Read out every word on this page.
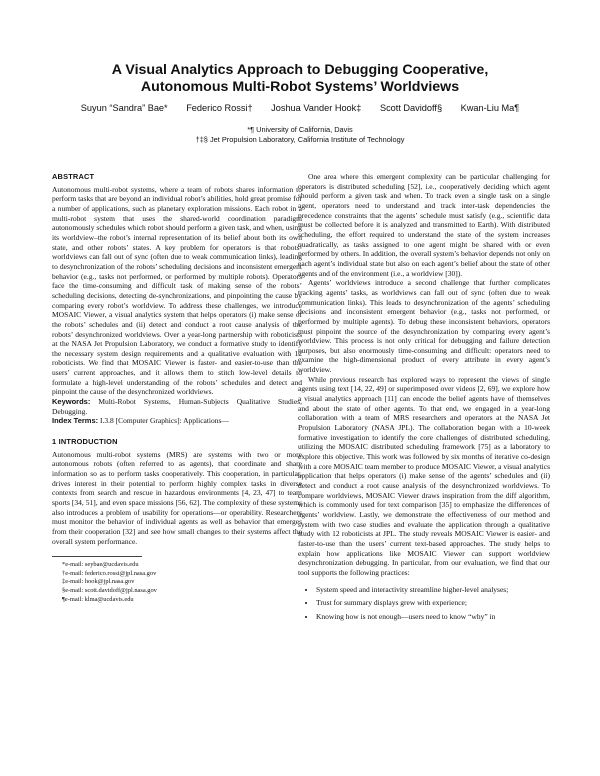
A Visual Analytics Approach to Debugging Cooperative,
Autonomous Multi-Robot Systems’ Worldviews
Suyun “Sandra” Bae* Federico Rossi† Joshua Vander Hook‡ Scott Davidoff§ Kwan-Liu Ma¶
*¶ University of California, Davis
†‡§ Jet Propulsion Laboratory, California Institute of Technology
ABSTRACT

Autonomous multi-robot systems, where a team of robots shares information to perform tasks that are beyond an individual robot’s abilities, hold great promise for a number of applications, such as planetary exploration missions. Each robot in a multi-robot system that uses the shared-world coordination paradigm autonomously schedules which robot should perform a given task, and when, using its worldview–the robot’s internal representation of its belief about both its own state, and other robots’ states. A key problem for operators is that robots’ worldviews can fall out of sync (often due to weak communication links), leading to desynchronization of the robots’ scheduling decisions and inconsistent emergent behavior (e.g., tasks not performed, or performed by multiple robots). Operators face the time-consuming and difficult task of making sense of the robots’ scheduling decisions, detecting de-synchronizations, and pinpointing the cause by comparing every robot’s worldview. To address these challenges, we introduce MOSAIC Viewer, a visual analytics system that helps operators (i) make sense of the robots’ schedules and (ii) detect and conduct a root cause analysis of the robots’ desynchronized worldviews. Over a year-long partnership with roboticists at the NASA Jet Propulsion Laboratory, we conduct a formative study to identify the necessary system design requirements and a qualitative evaluation with 12 roboticists. We find that MOSAIC Viewer is faster- and easier-to-use than the users’ current approaches, and it allows them to stitch low-level details to formulate a high-level understanding of the robots’ schedules and detect and pinpoint the cause of the desynchronized worldviews.

Keywords: Multi-Robot Systems, Human-Subjects Qualitative Studies, Debugging.

Index Terms: I.3.8 [Computer Graphics]: Applications—

1 INTRODUCTION

Autonomous multi-robot systems (MRS) are systems with two or more autonomous robots (often referred to as agents), that coordinate and share information so as to perform tasks cooperatively. This cooperation, in particular, drives interest in their potential to perform highly complex tasks in diverse contexts from search and rescue in hazardous environments [4, 23, 47] to team sports [34, 51], and even space missions [56, 62]. The complexity of these systems also introduces a problem of usability for operations—or operability. Researchers must monitor the behavior of individual agents as well as behavior that emerges from their cooperation [32] and see how small changes to their systems affect the overall system performance.

*e-mail: seybae@ucdavis.edu
†e-mail: federico.rossi@jpl.nasa.gov
‡e-mail: hook@jpl.nasa.gov
§e-mail: scott.davidoff@jpl.nasa.gov
¶e-mail: klma@ucdavis.edu

One area where this emergent complexity can be particular challenging for operators is distributed scheduling [52], i.e., cooperatively deciding which agent should perform a given task and when. To track even a single task on a single agent, operators need to understand and track inter-task dependencies the precedence constraints that the agents’ schedule must satisfy (e.g., scientific data must be collected before it is analyzed and transmitted to Earth). With distributed scheduling, the effort required to understand the state of the system increases quadratically, as tasks assigned to one agent might be shared with or even performed by others. In addition, the overall system’s behavior depends not only on each agent’s individual state but also on each agent’s belief about the state of other agents and of the environment (i.e., a worldview [30]).

Agents’ worldviews introduce a second challenge that further complicates tracking agents’ tasks, as worldviews can fall out of sync (often due to weak communication links). This leads to desynchronization of the agents’ scheduling decisions and inconsistent emergent behavior (e.g., tasks not performed, or performed by multiple agents). To debug these inconsistent behaviors, operators must pinpoint the source of the desynchronization by comparing every agent’s worldview. This process is not only critical for debugging and failure detection purposes, but also enormously time-consuming and difficult: operators need to examine the high-dimensional product of every attribute in every agent’s worldview.

While previous research has explored ways to represent the views of single agents using text [14, 22, 49] or superimposed over videos [2, 69], we explore how a visual analytics approach [11] can encode the belief agents have of themselves and about the state of other agents. To that end, we engaged in a year-long collaboration with a team of MRS researchers and operators at the NASA Jet Propulsion Laboratory (NASA JPL). The collaboration began with a 10-week formative investigation to identify the core challenges of distributed scheduling, utilizing the MOSAIC distributed scheduling framework [75] as a laboratory to explore this objective. This work was followed by six months of iterative co-design with a core MOSAIC team member to produce MOSAIC Viewer, a visual analytics application that helps operators (i) make sense of the agents’ schedules and (ii) detect and conduct a root cause analysis of the desynchronized worldviews. To compare worldviews, MOSAIC Viewer draws inspiration from the diff algorithm, which is commonly used for text comparison [35] to emphasize the differences of agents’ worldview. Lastly, we demonstrate the effectiveness of our method and system with two case studies and evaluate the application through a qualitative study with 12 roboticists at JPL. The study reveals MOSAIC Viewer is easier- and faster-to-use than the users’ current text-based approaches. The study helps to explain how applications like MOSAIC Viewer can support worldview desynchronization debugging. In particular, from our evaluation, we find that our tool supports the following practices:

• System speed and interactivity streamline higher-level analyses;
• Trust for summary displays grew with experience;
• Knowing how is not enough—users need to know “why” in
